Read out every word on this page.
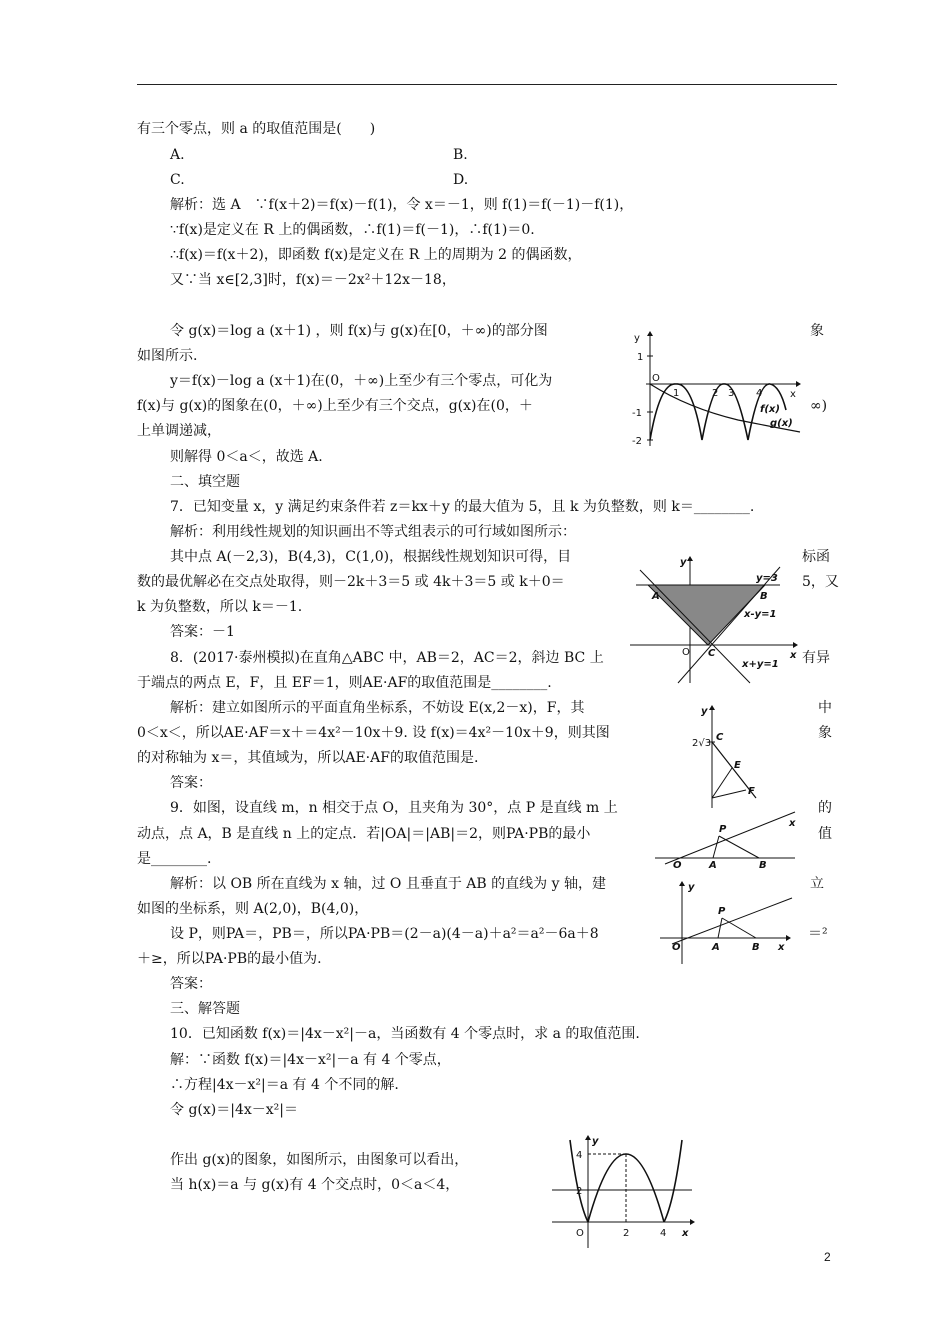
有三个零点，则 a 的取值范围是(　　)
A.	B.
C.	D.
解析：选 A　∵f(x＋2)＝f(x)－f(1)，令 x＝－1，则 f(1)＝f(－1)－f(1)，
∵f(x)是定义在 R 上的偶函数，∴f(1)＝f(－1)，∴f(1)＝0.
∴f(x)＝f(x＋2)，即函数 f(x)是定义在 R 上的周期为 2 的偶函数，
又∵当 x∈[2,3]时，f(x)＝－2x²＋12x－18，
令 g(x)＝log a (x＋1) ，则 f(x)与 g(x)在[0，＋∞)的部分图	象
如图所示.
y＝f(x)－log a (x＋1)在(0，＋∞)上至少有三个零点，可化为
f(x)与 g(x)的图象在(0，＋∞)上至少有三个交点，g(x)在(0，＋	∞)
上单调递减，
则解得 0＜a＜，故选 A.
二、填空题
7．已知变量 x，y 满足约束条件若 z＝kx＋y 的最大值为 5，且 k 为负整数，则 k＝________.
解析：利用线性规划的知识画出不等式组表示的可行域如图所示：
其中点 A(－2,3)，B(4,3)，C(1,0)，根据线性规划知识可得，目	标函
数的最优解必在交点处取得，则－2k＋3＝5 或 4k＋3＝5 或 k＋0＝	5，又
k 为负整数，所以 k＝－1.
答案：－1
8．(2017·泰州模拟)在直角△ABC 中，AB＝2，AC＝2，斜边 BC 上	有异
于端点的两点 E，F，且 EF＝1，则AE·AF的取值范围是________.
解析：建立如图所示的平面直角坐标系，不妨设 E(x,2－x)，F，其	中
0＜x＜，所以AE·AF＝x＋＝4x²－10x＋9. 设 f(x)＝4x²－10x＋9，则其图	象
的对称轴为 x＝，其值域为，所以AE·AF的取值范围是.
答案：
9．如图，设直线 m，n 相交于点 O，且夹角为 30°，点 P 是直线 m 上	的
动点，点 A，B 是直线 n 上的定点．若|OA|＝|AB|＝2，则PA·PB的最小	值
是________.
解析：以 OB 所在直线为 x 轴，过 O 且垂直于 AB 的直线为 y 轴，建	立
如图的坐标系，则 A(2,0)，B(4,0)，
设 P，则PA＝，PB＝，所以PA·PB＝(2－a)(4－a)＋a²＝a²－6a＋8	＝²
＋≥，所以PA·PB的最小值为.
答案：
三、解答题
10．已知函数 f(x)＝|4x－x²|－a，当函数有 4 个零点时，求 a 的取值范围.
解：∵函数 f(x)＝|4x－x²|－a 有 4 个零点，
∴方程|4x－x²|＝a 有 4 个不同的解.
令 g(x)＝|4x－x²|＝
作出 g(x)的图象，如图所示，由图象可以看出，
当 h(x)＝a 与 g(x)有 4 个交点时，0＜a＜4，
y
O
x
1
-1
-2
1	2 3 4
f(x)
g(x)
y
x
O
A	B
C
y=3
x-y=1
x+y=1
y
2√3
C
E
F
P
O	A	B
x
y
P
O	A	B x
y
O	x
4
2
2	4
2
